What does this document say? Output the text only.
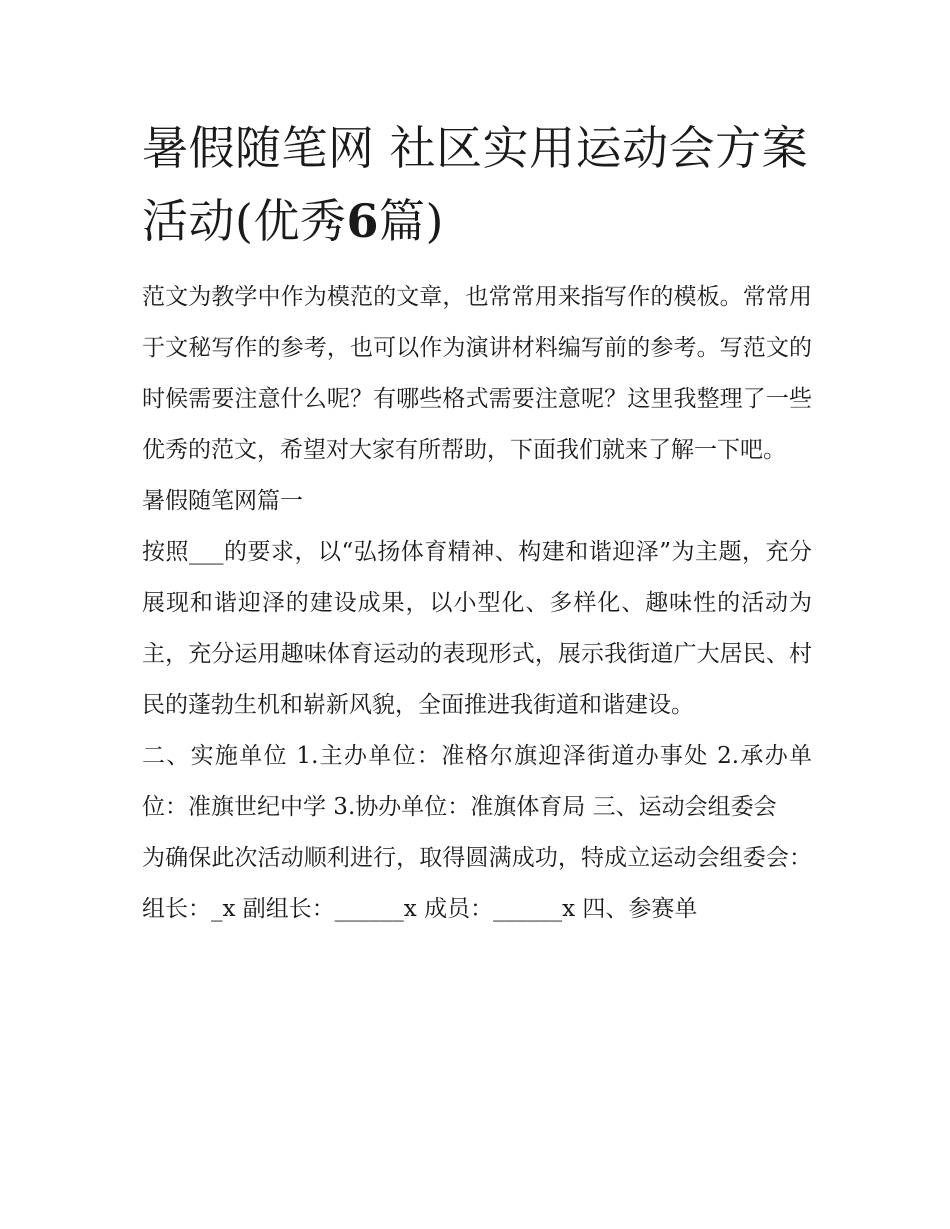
暑假随笔网 社区实用运动会方案活动(优秀6篇)

范文为教学中作为模范的文章，也常常用来指写作的模板。常常用于文秘写作的参考，也可以作为演讲材料编写前的参考。写范文的时候需要注意什么呢？有哪些格式需要注意呢？这里我整理了一些优秀的范文，希望对大家有所帮助，下面我们就来了解一下吧。

暑假随笔网篇一

按照___的要求，以“弘扬体育精神、构建和谐迎泽”为主题，充分展现和谐迎泽的建设成果，以小型化、多样化、趣味性的活动为主，充分运用趣味体育运动的表现形式，展示我街道广大居民、村民的蓬勃生机和崭新风貌，全面推进我街道和谐建设。

二、实施单位 1.主办单位：准格尔旗迎泽街道办事处 2.承办单位：准旗世纪中学 3.协办单位：准旗体育局 三、运动会组委会

为确保此次活动顺利进行，取得圆满成功，特成立运动会组委会： 组长：_x 副组长：______x 成员：______x 四、参赛单
